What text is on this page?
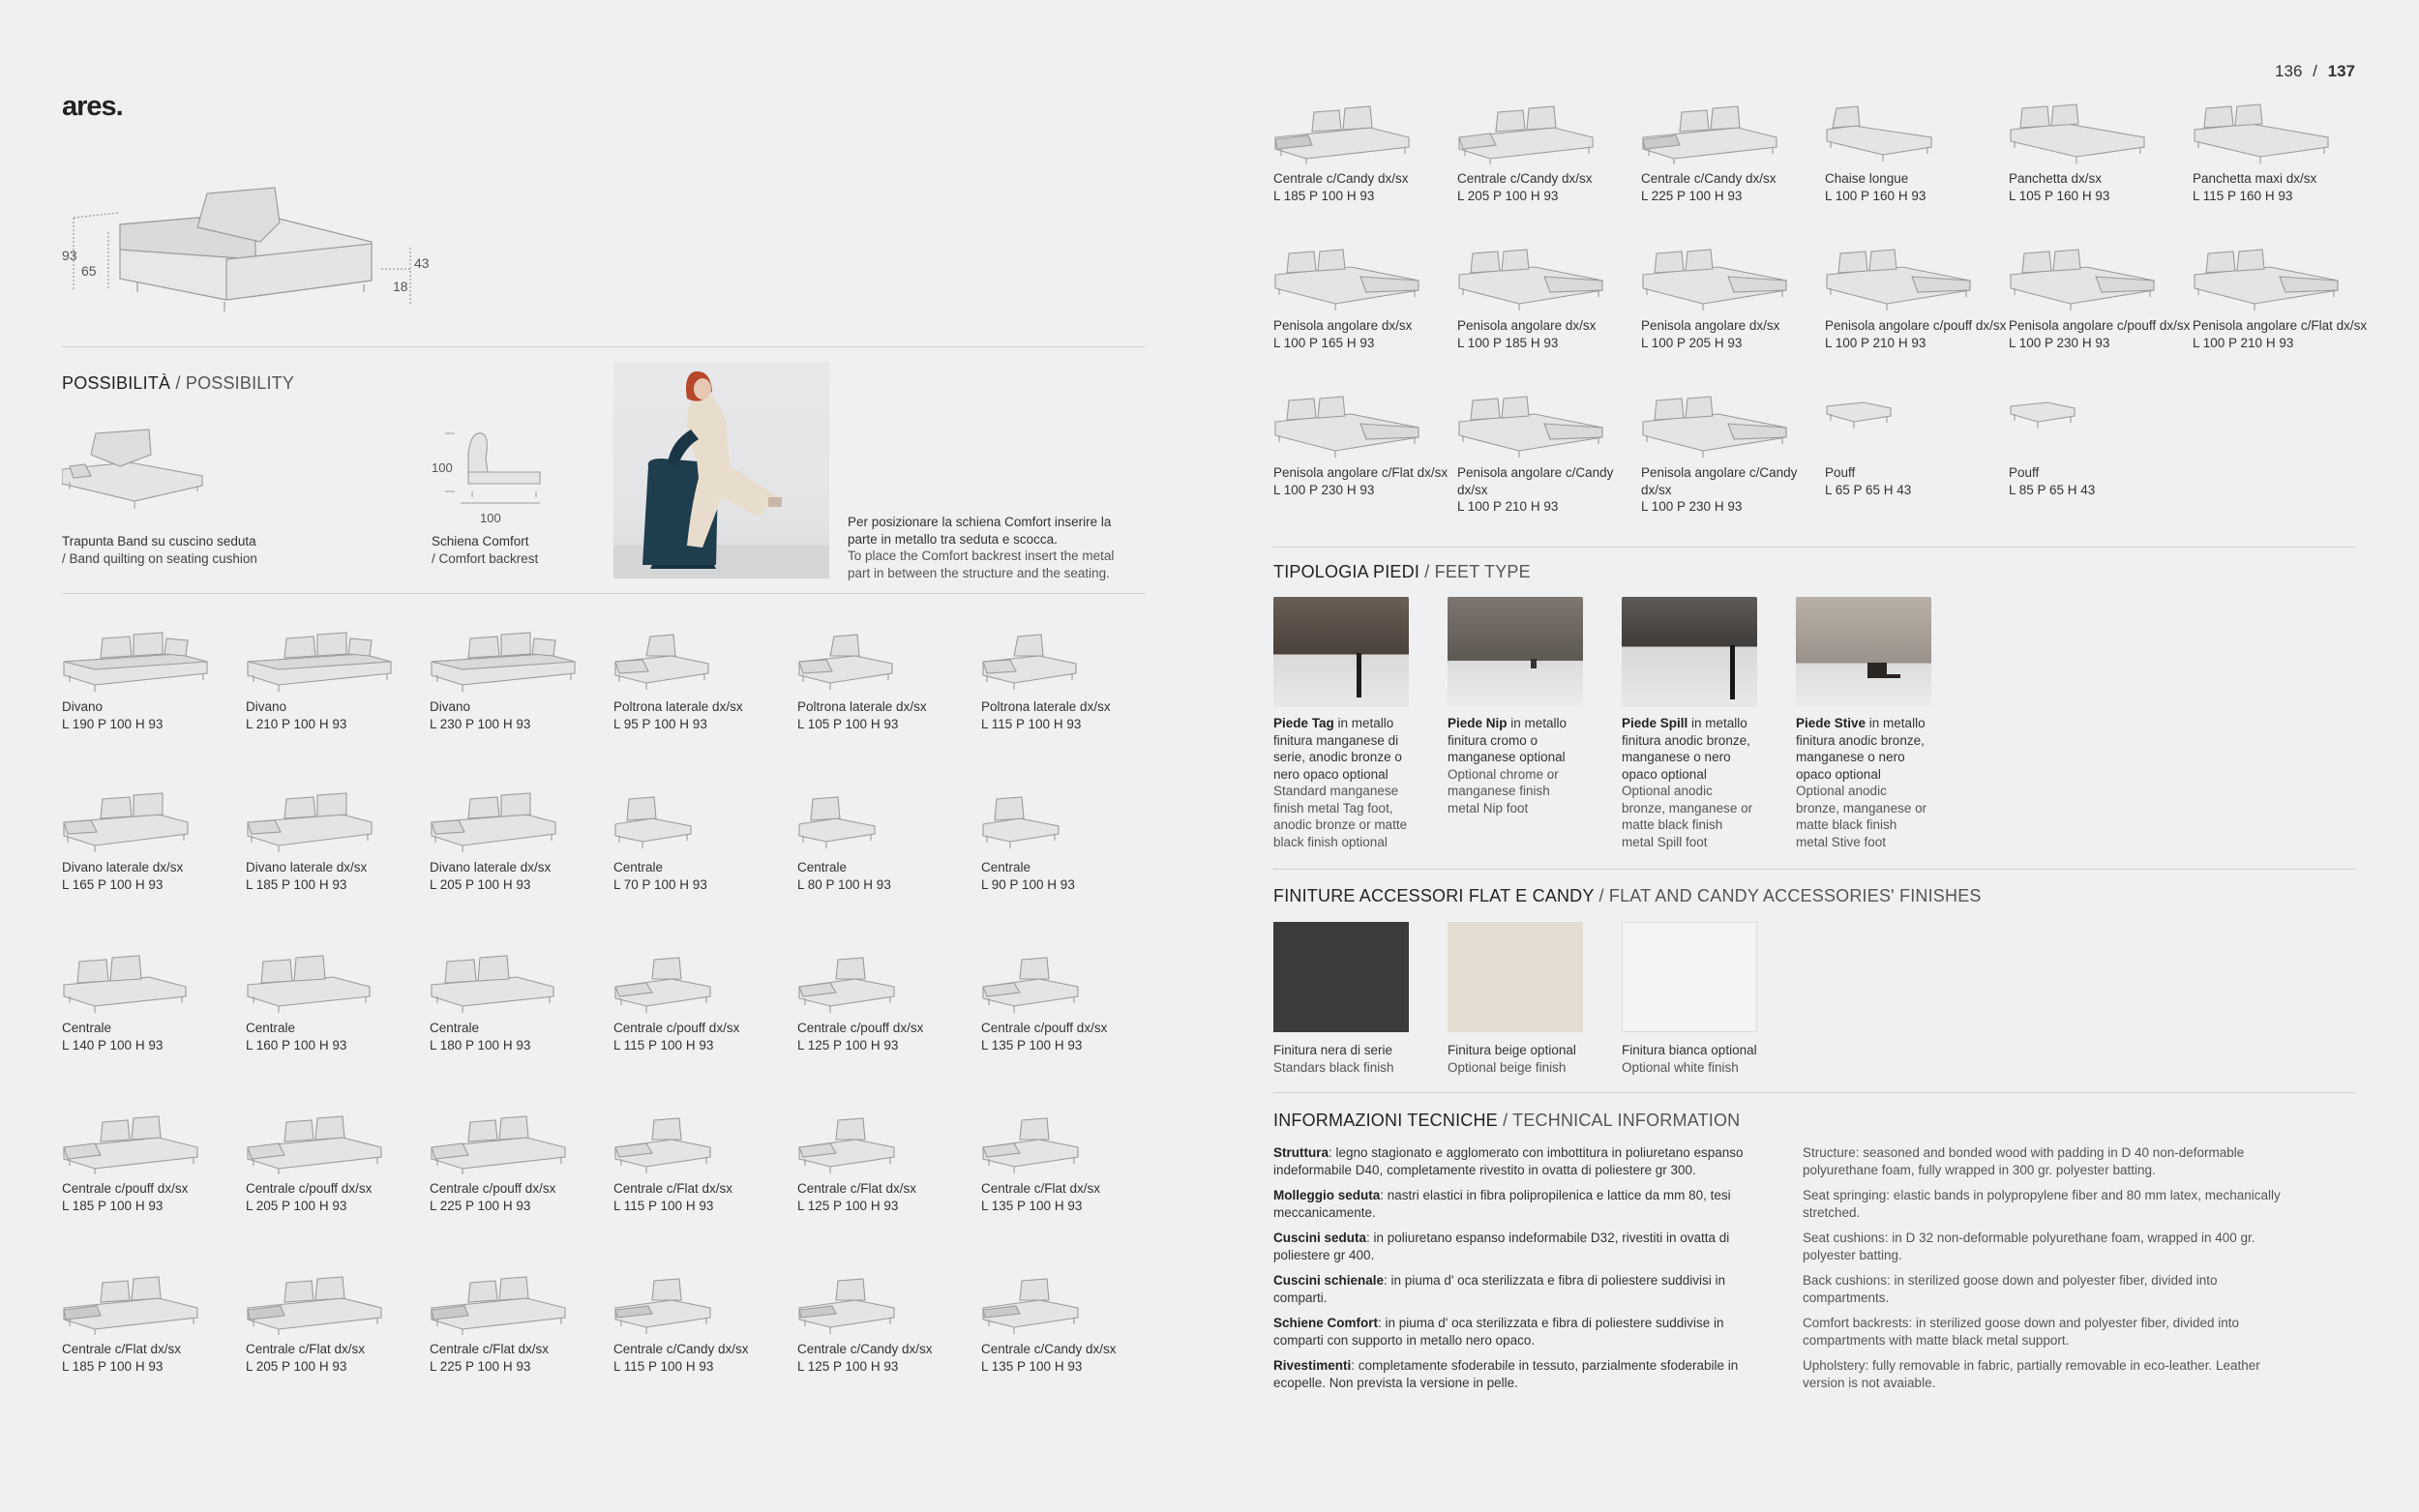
ares.
136 / 137
93
65	43
18
POSSIBILITÀ / POSSIBILITY
Trapunta Band su cuscino seduta
/ Band quilting on seating cushion
100
100
Schiena Comfort
/ Comfort backrest
Per posizionare la schiena Comfort inserire la parte in metallo tra seduta e scocca.
To place the Comfort backrest insert the metal part in between the structure and the seating.
Divano
L 190 P 100 H 93
Divano
L 210 P 100 H 93
Divano
L 230 P 100 H 93
Poltrona laterale dx/sx
L 95 P 100 H 93
Poltrona laterale dx/sx
L 105 P 100 H 93
Poltrona laterale dx/sx
L 115 P 100 H 93
Divano laterale dx/sx
L 165 P 100 H 93
Divano laterale dx/sx
L 185 P 100 H 93
Divano laterale dx/sx
L 205 P 100 H 93
Centrale
L 70 P 100 H 93
Centrale
L 80 P 100 H 93
Centrale
L 90 P 100 H 93
Centrale
L 140 P 100 H 93
Centrale
L 160 P 100 H 93
Centrale
L 180 P 100 H 93
Centrale c/pouff dx/sx
L 115 P 100 H 93
Centrale c/pouff dx/sx
L 125 P 100 H 93
Centrale c/pouff dx/sx
L 135 P 100 H 93
Centrale c/pouff dx/sx
L 185 P 100 H 93
Centrale c/pouff dx/sx
L 205 P 100 H 93
Centrale c/pouff dx/sx
L 225 P 100 H 93
Centrale c/Flat dx/sx
L 115 P 100 H 93
Centrale c/Flat dx/sx
L 125 P 100 H 93
Centrale c/Flat dx/sx
L 135 P 100 H 93
Centrale c/Flat dx/sx
L 185 P 100 H 93
Centrale c/Flat dx/sx
L 205 P 100 H 93
Centrale c/Flat dx/sx
L 225 P 100 H 93
Centrale c/Candy dx/sx
L 115 P 100 H 93
Centrale c/Candy dx/sx
L 125 P 100 H 93
Centrale c/Candy dx/sx
L 135 P 100 H 93
Centrale c/Candy dx/sx
L 185 P 100 H 93
Centrale c/Candy dx/sx
L 205 P 100 H 93
Centrale c/Candy dx/sx
L 225 P 100 H 93
Chaise longue
L 100 P 160 H 93
Panchetta dx/sx
L 105 P 160 H 93
Panchetta maxi dx/sx
L 115 P 160 H 93
Penisola angolare dx/sx
L 100 P 165 H 93
Penisola angolare dx/sx
L 100 P 185 H 93
Penisola angolare dx/sx
L 100 P 205 H 93
Penisola angolare c/pouff dx/sx
L 100 P 210 H 93
Penisola angolare c/pouff dx/sx
L 100 P 230 H 93
Penisola angolare c/Flat dx/sx
L 100 P 210 H 93
Penisola angolare c/Flat dx/sx
L 100 P 230 H 93
Penisola angolare c/Candy dx/sx
L 100 P 210 H 93
Penisola angolare c/Candy dx/sx
L 100 P 230 H 93
Pouff
L 65 P 65 H 43
Pouff
L 85 P 65 H 43
TIPOLOGIA PIEDI / FEET TYPE
Piede Tag in metallo finitura manganese di serie, anodic bronze o nero opaco optional
Standard manganese finish metal Tag foot, anodic bronze or matte black finish optional
Piede Nip in metallo finitura cromo o manganese optional
Optional chrome or manganese finish metal Nip foot
Piede Spill in metallo finitura anodic bronze, manganese o nero opaco optional
Optional anodic bronze, manganese or matte black finish metal Spill foot
Piede Stive in metallo finitura anodic bronze, manganese o nero opaco optional
Optional anodic bronze, manganese or matte black finish metal Stive foot
FINITURE ACCESSORI FLAT E CANDY / FLAT AND CANDY ACCESSORIES' FINISHES
Finitura nera di serie
Standars black finish
Finitura beige optional
Optional beige finish
Finitura bianca optional
Optional white finish
INFORMAZIONI TECNICHE / TECHNICAL INFORMATION

Struttura: legno stagionato e agglomerato con imbottitura in poliuretano espanso indeformabile D40, completamente rivestito in ovatta di poliestere gr 300.

Molleggio seduta: nastri elastici in fibra polipropilenica e lattice da mm 80, tesi meccanicamente.

Cuscini seduta: in poliuretano espanso indeformabile D32, rivestiti in ovatta di poliestere gr 400.

Cuscini schienale: in piuma d' oca sterilizzata e fibra di poliestere suddivisi in comparti.

Schiene Comfort: in piuma d' oca sterilizzata e fibra di poliestere suddivise in comparti con supporto in metallo nero opaco.

Rivestimenti: completamente sfoderabile in tessuto, parzialmente sfoderabile in ecopelle. Non prevista la versione in pelle.

Structure: seasoned and bonded wood with padding in D 40 non-deformable polyurethane foam, fully wrapped in 300 gr. polyester batting.

Seat springing: elastic bands in polypropylene fiber and 80 mm latex, mechanically stretched.

Seat cushions: in D 32 non-deformable polyurethane foam, wrapped in 400 gr. polyester batting.

Back cushions: in sterilized goose down and polyester fiber, divided into compartments.

Comfort backrests: in sterilized goose down and polyester fiber, divided into compartments with matte black metal support.

Upholstery: fully removable in fabric, partially removable in eco-leather. Leather version is not avaiable.
